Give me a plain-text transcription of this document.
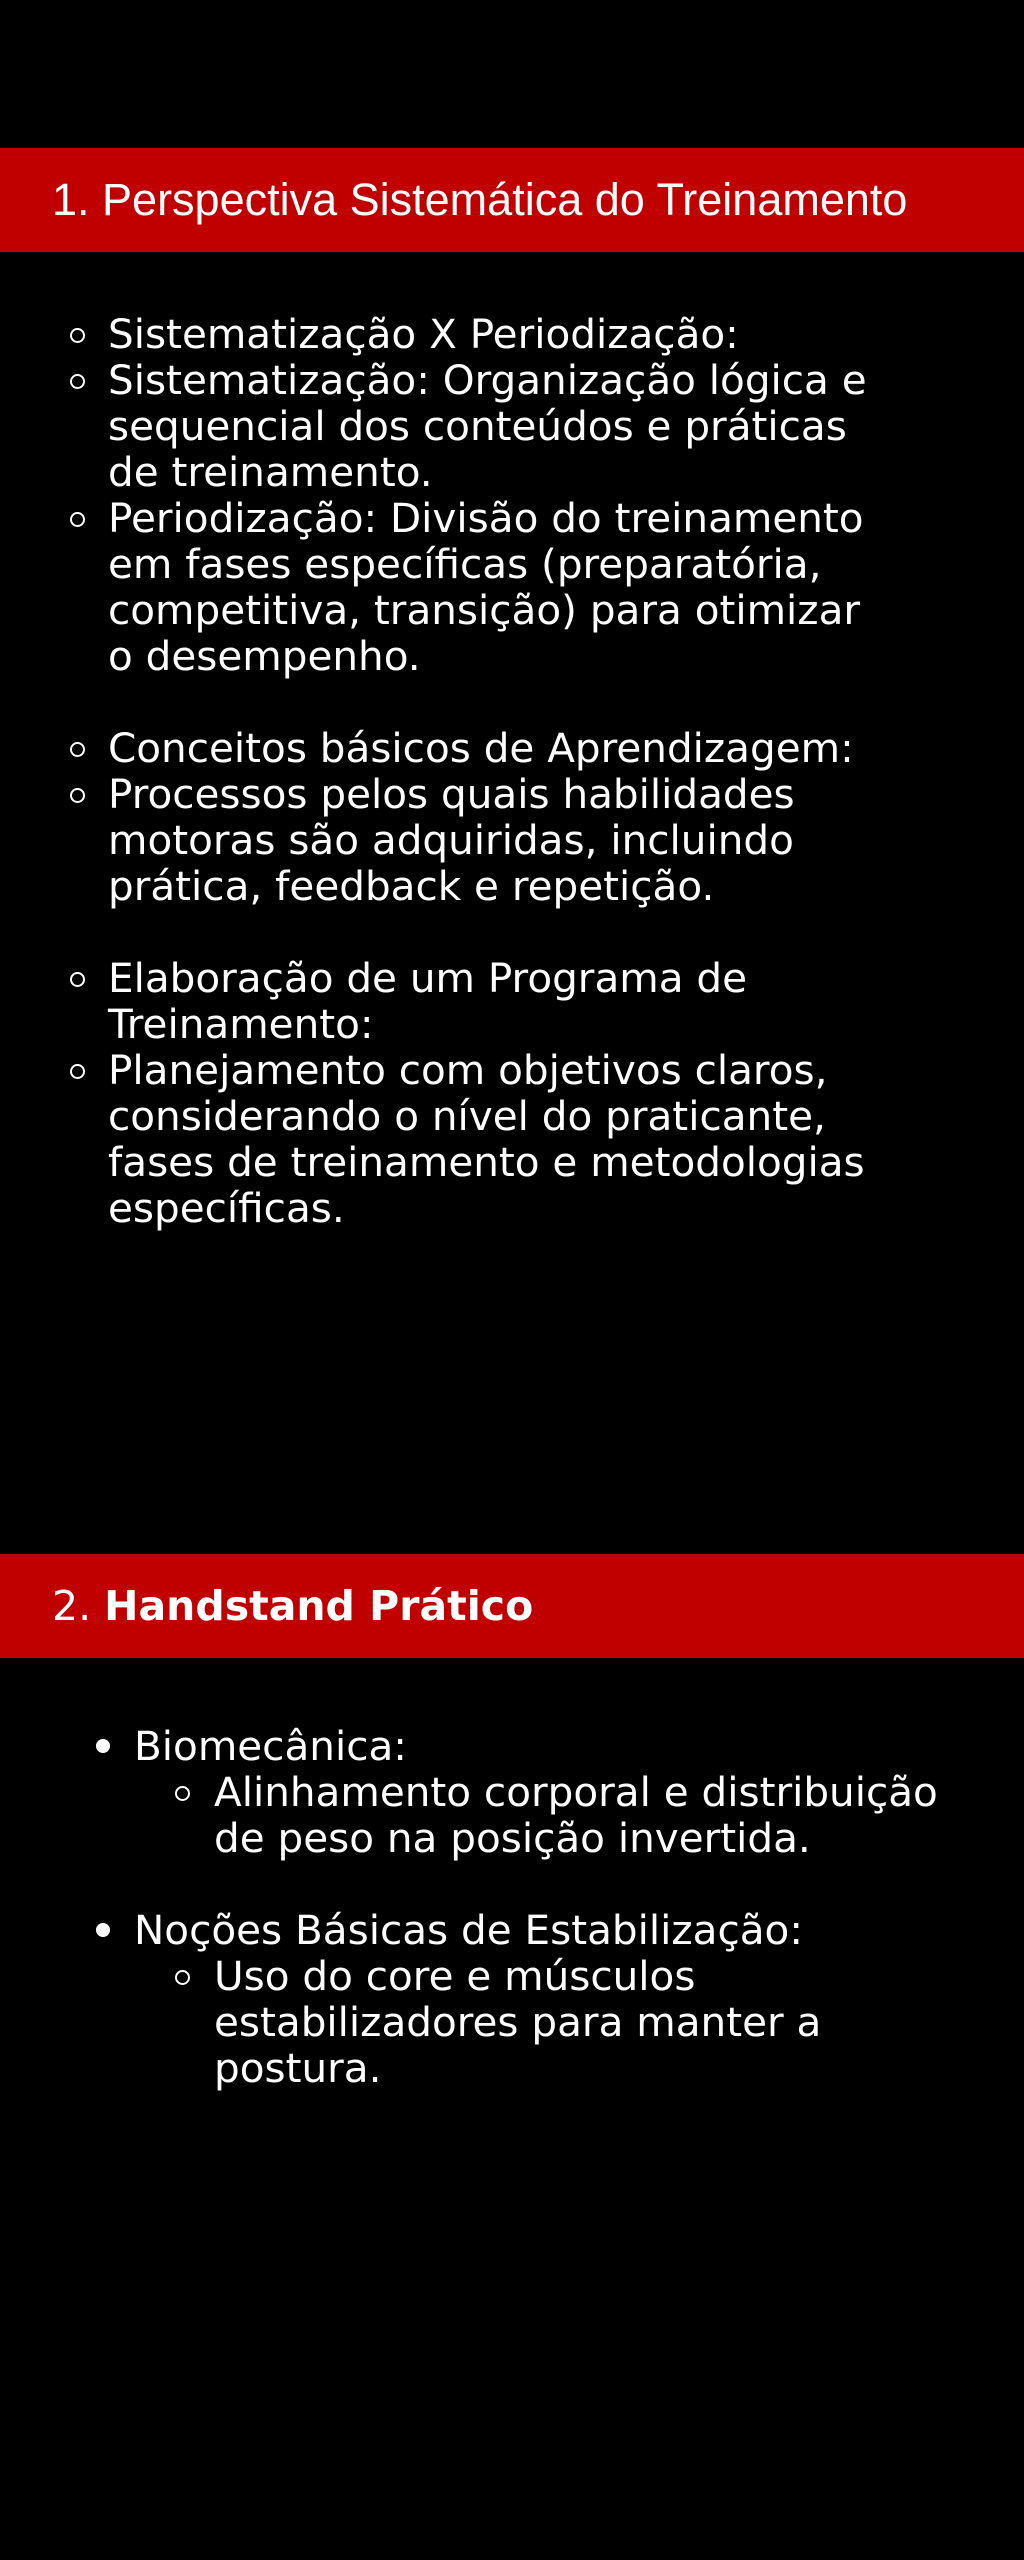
1. Perspectiva Sistemática do Treinamento
Sistematização X Periodização:
Sistematização: Organização lógica e sequencial dos conteúdos e práticas de treinamento.
Periodização: Divisão do treinamento em fases específicas (preparatória, competitiva, transição) para otimizar o desempenho.
Conceitos básicos de Aprendizagem:
Processos pelos quais habilidades motoras são adquiridas, incluindo prática, feedback e repetição.
Elaboração de um Programa de Treinamento:
Planejamento com objetivos claros, considerando o nível do praticante, fases de treinamento e metodologias específicas.
2. Handstand Prático
Biomecânica:
Alinhamento corporal e distribuição de peso na posição invertida.
Noções Básicas de Estabilização:
Uso do core e músculos estabilizadores para manter a postura.
